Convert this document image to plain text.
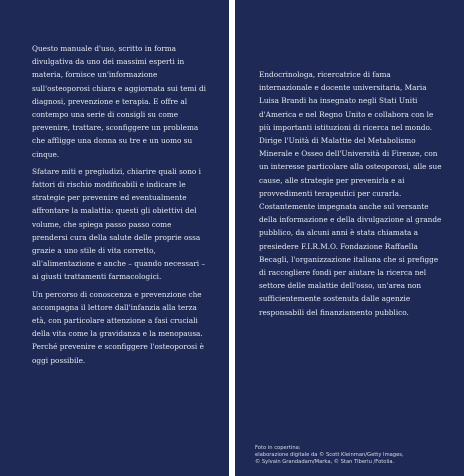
Questo manuale d'uso, scritto in forma divulgativa da uno dei massimi esperti in materia, fornisce un'informazione sull'osteoporosi chiara e aggiornata sui temi di diagnosi, prevenzione e terapia. E offre al contempo una serie di consigli su come prevenire, trattare, sconfiggere un problema che affligge una donna su tre e un uomo su cinque.

Sfatare miti e pregiudizi, chiarire quali sono i fattori di rischio modificabili e indicare le strategie per prevenire ed eventualmente affrontare la malattia: questi gli obiettivi del volume, che spiega passo passo come prendersi cura della salute delle proprie ossa grazie a uno stile di vita corretto, all'alimentazione e anche – quando necessari – ai giusti trattamenti farmacologici.

Un percorso di conoscenza e prevenzione che accompagna il lettore dall'infanzia alla terza età, con particolare attenzione a fasi cruciali della vita come la gravidanza e la menopausa. Perché prevenire e sconfiggere l'osteoporosi è oggi possibile.

Endocrinologa, ricercatrice di fama internazionale e docente universitaria, Maria Luisa Brandi ha insegnato negli Stati Uniti d'America e nel Regno Unito e collabora con le più importanti istituzioni di ricerca nel mondo. Dirige l'Unità di Malattie del Metabolismo Minerale e Osseo dell'Università di Firenze, con un interesse particolare alla osteoporosi, alle sue cause, alle strategie per prevenirla e ai provvedimenti terapeutici per curarla. Costantemente impegnata anche sul versante della informazione e della divulgazione al grande pubblico, da alcuni anni è stata chiamata a presiedere F.I.R.M.O. Fondazione Raffaella Becagli, l'organizzazione italiana che si prefigge di raccogliere fondi per aiutare la ricerca nel settore delle malattie dell'osso, un'area non sufficientemente sostenuta dalle agenzie responsabili del finanziamento pubblico.

Foto in copertina:
elaborazione digitale da © Scott Kleinman/Getty Images,
© Sylvain Grandadam/Marka, © Stan Tiberiu /Fotolia.
